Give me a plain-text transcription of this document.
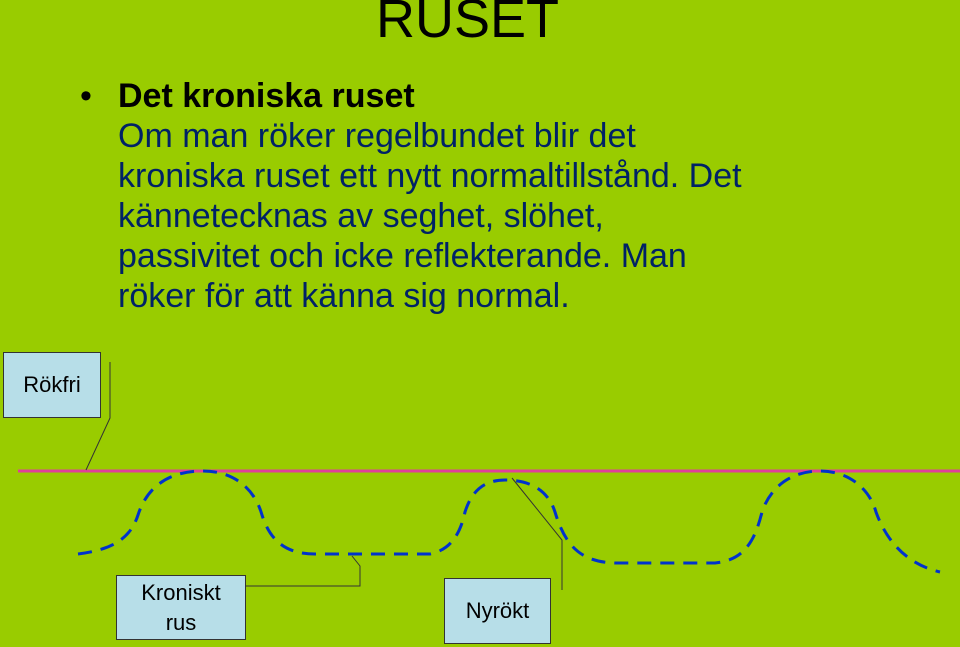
RUSET
• Det kroniska ruset
Om man röker regelbundet blir det
kroniska ruset ett nytt normaltillstånd. Det
kännetecknas av seghet, slöhet,
passivitet och icke reflekterande. Man
röker för att känna sig normal.
Rökfri
Kroniskt
rus	Nyrökt
